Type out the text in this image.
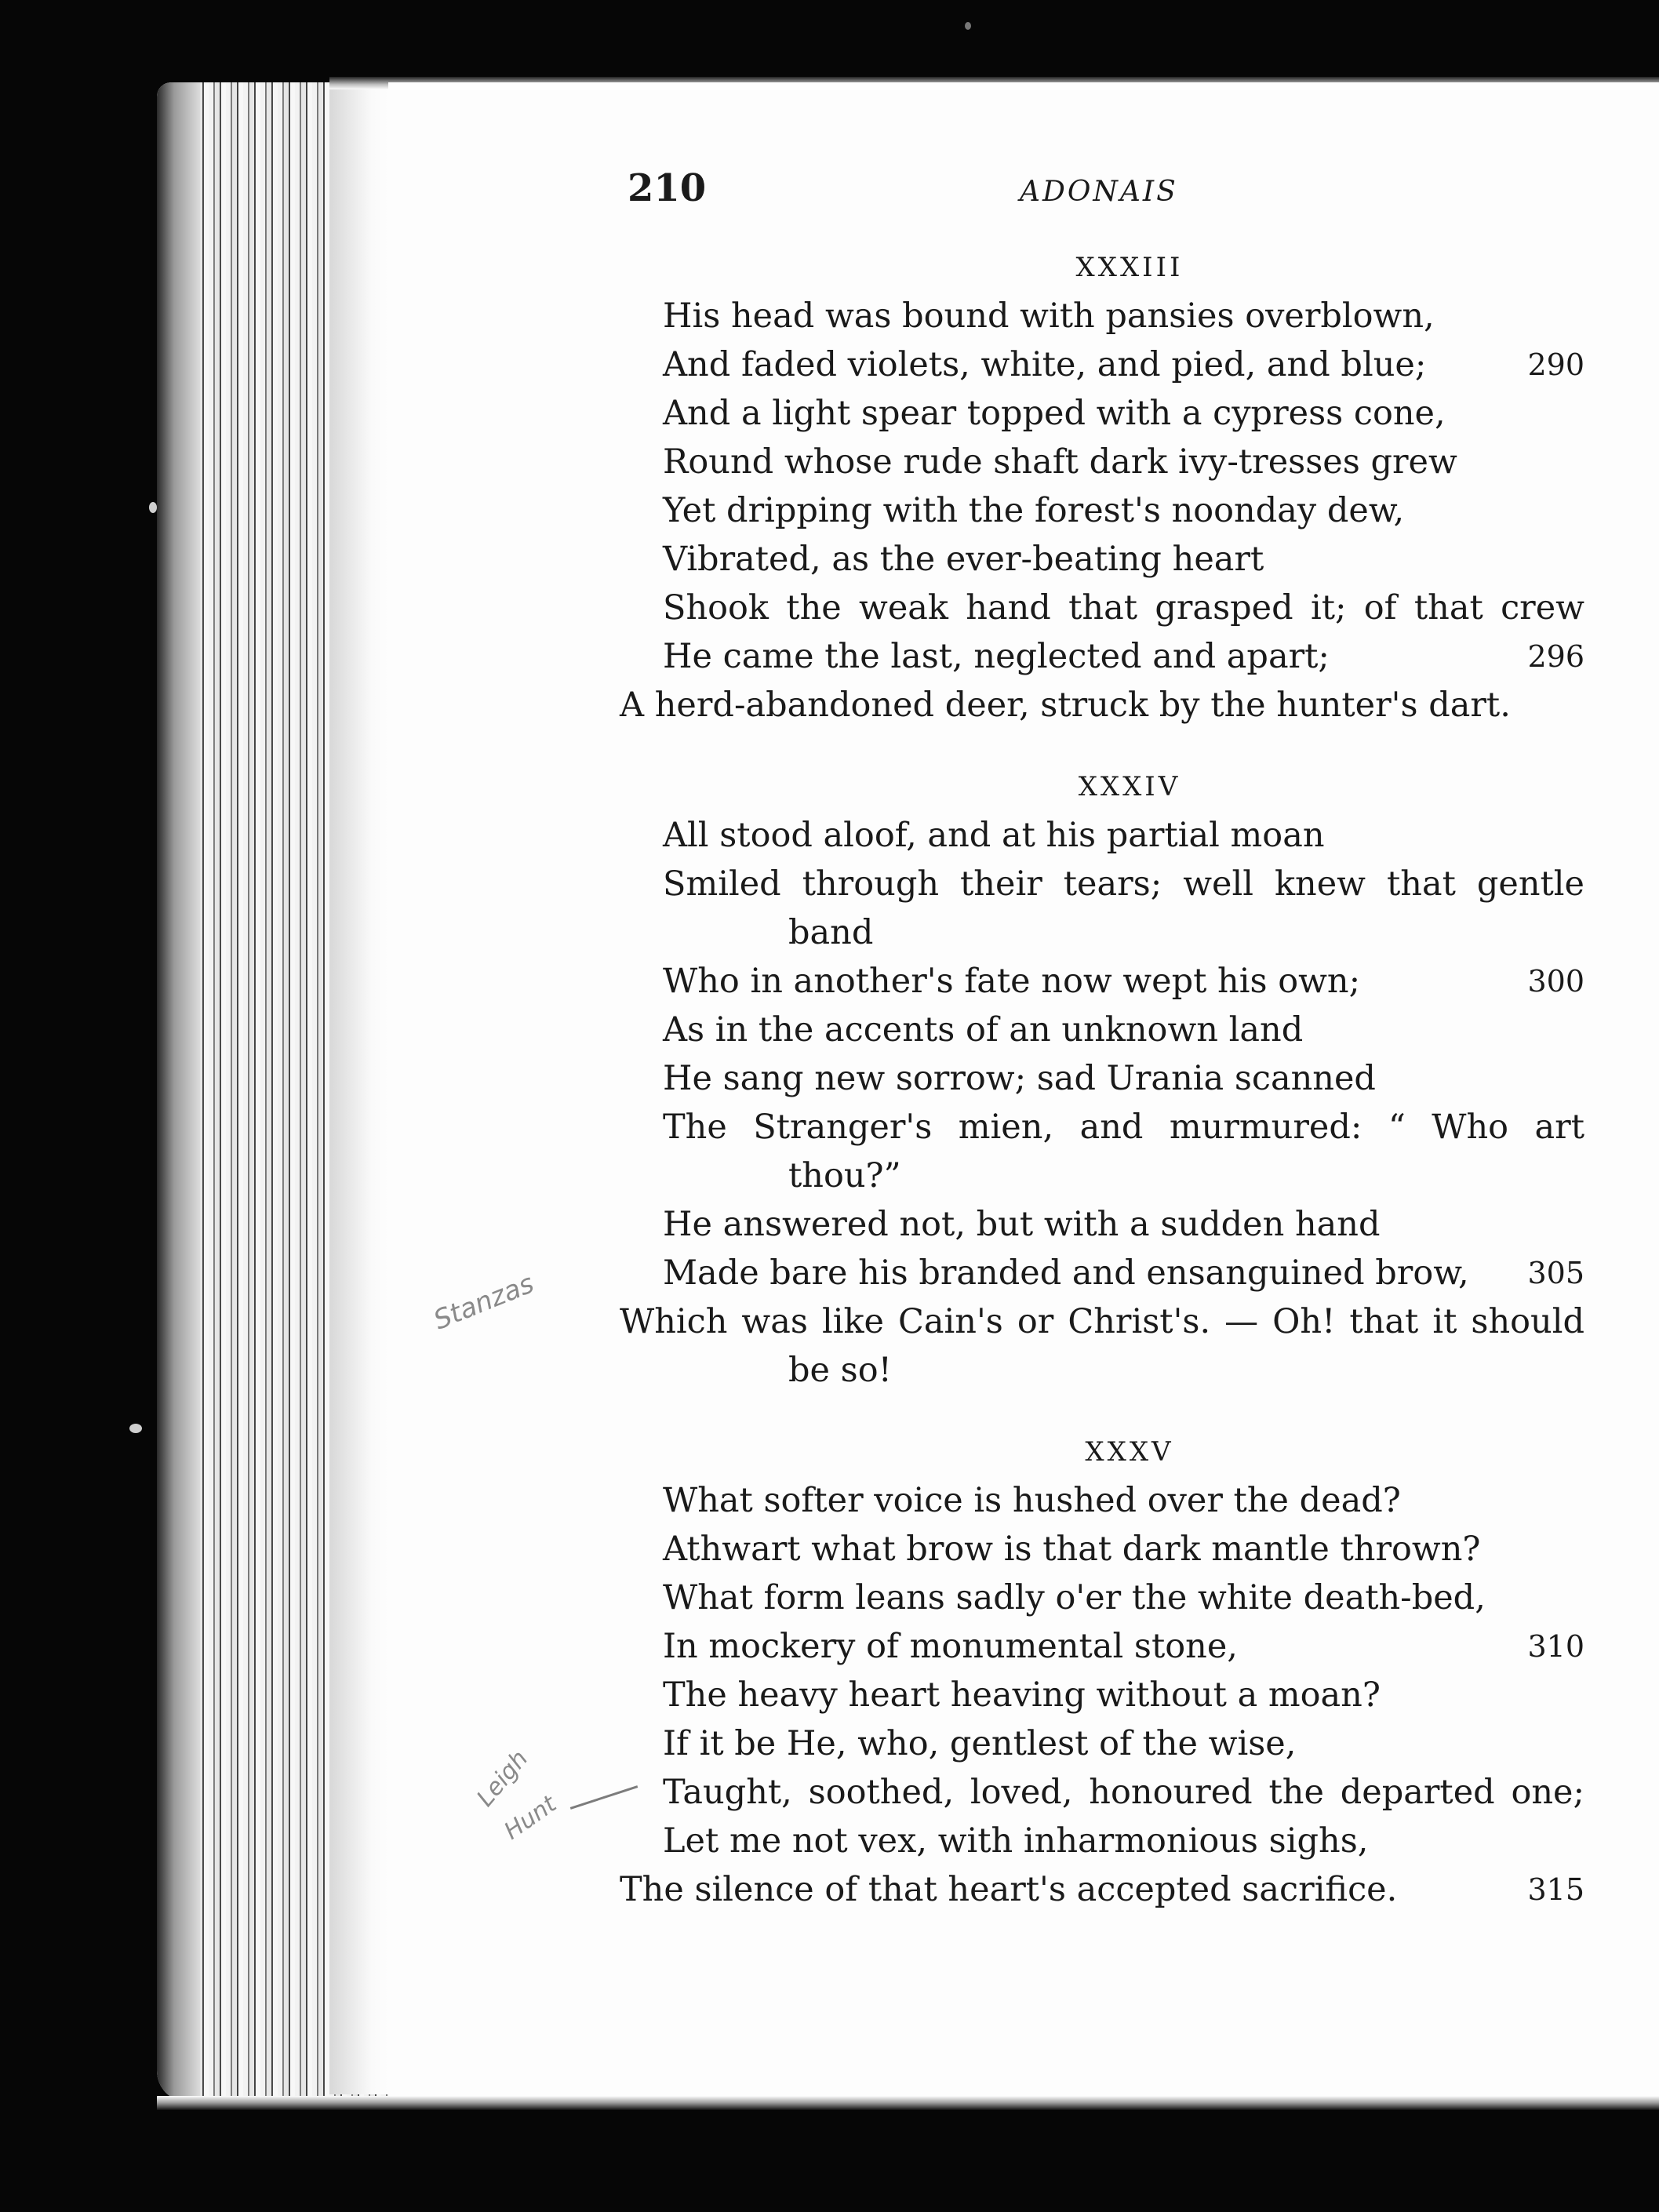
210	ADONAIS
XXXIII
His head was bound with pansies overblown,
And faded violets, white, and pied, and blue;	290
And a light spear topped with a cypress cone,
Round whose rude shaft dark ivy-tresses grew
Yet dripping with the forest's noonday dew,
Vibrated, as the ever-beating heart
Shook the weak hand that grasped it; of that crew
He came the last, neglected and apart;	296
A herd-abandoned deer, struck by the hunter's dart.
XXXIV
All stood aloof, and at his partial moan
Smiled through their tears; well knew that gentle
band
Who in another's fate now wept his own;	300
As in the accents of an unknown land
He sang new sorrow; sad Urania scanned
The Stranger's mien, and murmured: “ Who art
thou?”
He answered not, but with a sudden hand
Made bare his branded and ensanguined brow,	305
Which was like Cain's or Christ's. — Oh! that it should
be so!
XXXV
What softer voice is hushed over the dead?
Athwart what brow is that dark mantle thrown?
What form leans sadly o'er the white death-bed,
In mockery of monumental stone,	310
The heavy heart heaving without a moan?
If it be He, who, gentlest of the wise,
Taught, soothed, loved, honoured the departed one;
Let me not vex, with inharmonious sighs,
The silence of that heart's accepted sacrifice.	315
Stanzas
Leigh
Hunt
